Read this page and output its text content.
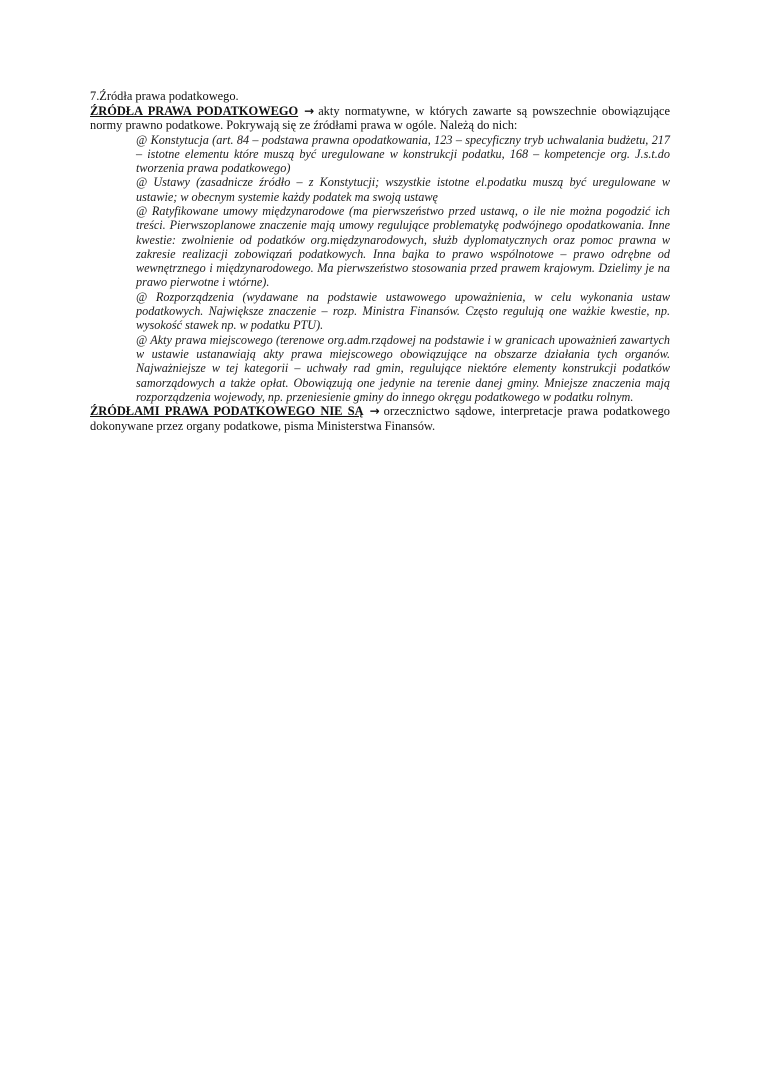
7.Źródła prawa podatkowego.

ŹRÓDŁA PRAWA PODATKOWEGO → akty normatywne, w których zawarte są powszechnie obowiązujące normy prawno podatkowe. Pokrywają się ze źródłami prawa w ogóle. Należą do nich:

@ Konstytucja (art. 84 – podstawa prawna opodatkowania, 123 – specyficzny tryb uchwalania budżetu, 217 – istotne elementu które muszą być uregulowane w konstrukcji podatku, 168 – kompetencje org. J.s.t.do tworzenia prawa podatkowego)
@ Ustawy (zasadnicze źródło – z Konstytucji; wszystkie istotne el.podatku muszą być uregulowane w ustawie; w obecnym systemie każdy podatek ma swoją ustawę
@ Ratyfikowane umowy międzynarodowe (ma pierwszeństwo przed ustawą, o ile nie można pogodzić ich treści. Pierwszoplanowe znaczenie mają umowy regulujące problematykę podwójnego opodatkowania. Inne kwestie: zwolnienie od podatków org.międzynarodowych, służb dyplomatycznych oraz pomoc prawna w zakresie realizacji zobowiązań podatkowych. Inna bajka to prawo wspólnotowe – prawo odrębne od wewnętrznego i międzynarodowego. Ma pierwszeństwo stosowania przed prawem krajowym. Dzielimy je na prawo pierwotne i wtórne).
@ Rozporządzenia (wydawane na podstawie ustawowego upoważnienia, w celu wykonania ustaw podatkowych. Największe znaczenie – rozp. Ministra Finansów. Często regulują one ważkie kwestie, np. wysokość stawek np. w podatku PTU).
@ Akty prawa miejscowego (terenowe org.adm.rządowej na podstawie i w granicach upoważnień zawartych w ustawie ustanawiają akty prawa miejscowego obowiązujące na obszarze działania tych organów. Najważniejsze w tej kategorii – uchwały rad gmin, regulujące niektóre elementy konstrukcji podatków samorządowych a także opłat. Obowiązują one jedynie na terenie danej gminy. Mniejsze znaczenia mają rozporządzenia wojewody, np. przeniesienie gminy do innego okręgu podatkowego w podatku rolnym.

ŹRÓDŁAMI PRAWA PODATKOWEGO NIE SĄ → orzecznictwo sądowe, interpretacje prawa podatkowego dokonywane przez organy podatkowe, pisma Ministerstwa Finansów.
